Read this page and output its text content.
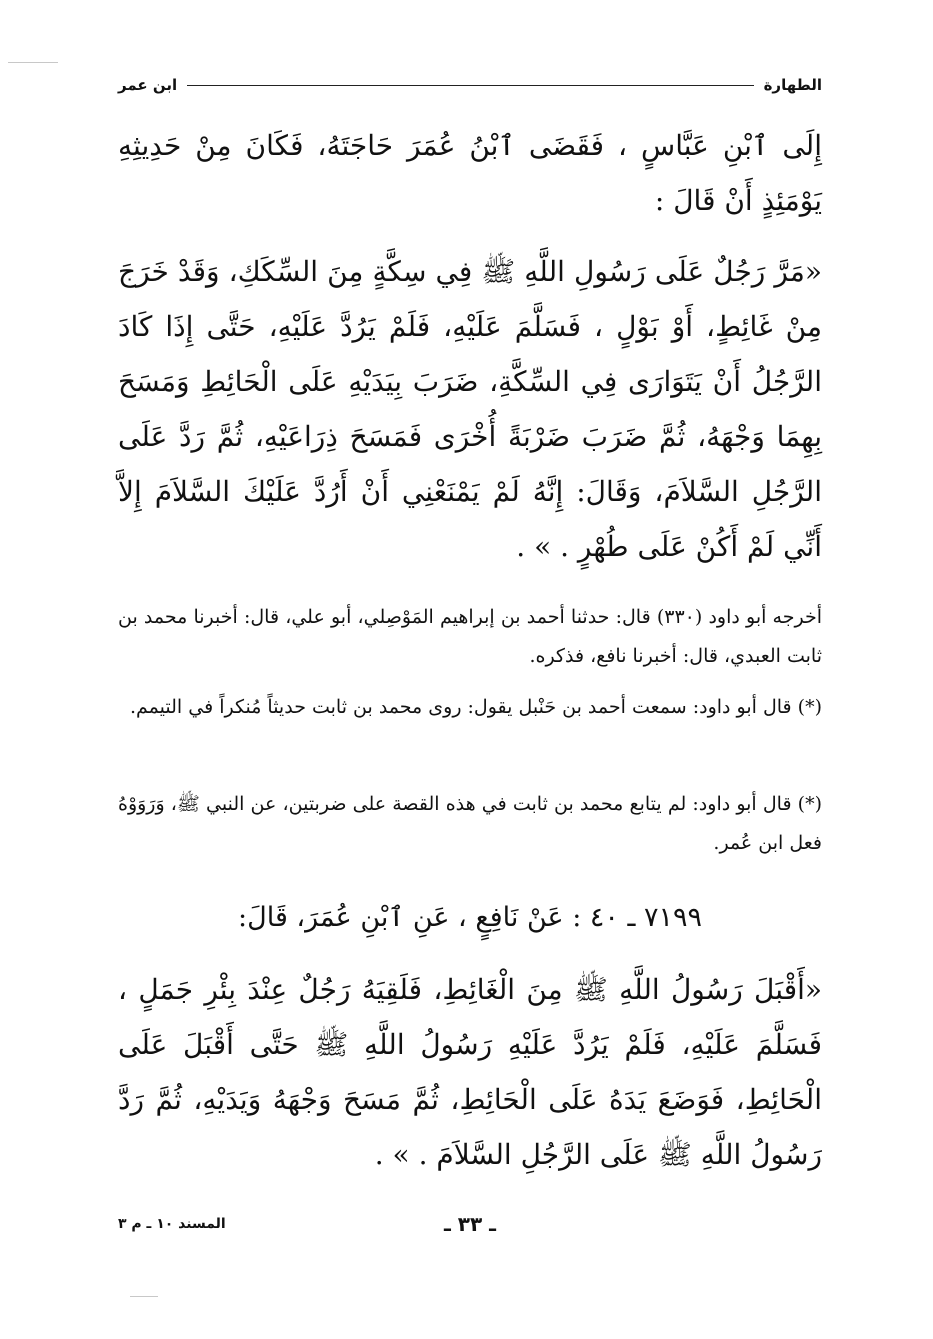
الطهارة
ابن عمر
إِلَى ٱبْنِ عَبَّاسٍ ، فَقَضَى ٱبْنُ عُمَرَ حَاجَتَهُ، فَكَانَ مِنْ حَدِيثِهِ يَوْمَئِذٍ أَنْ قَالَ :
«مَرَّ رَجُلٌ عَلَى رَسُولِ اللَّهِ ﷺ فِي سِكَّةٍ مِنَ السِّكَكِ، وَقَدْ خَرَجَ مِنْ غَائِطٍ، أَوْ بَوْلٍ ، فَسَلَّمَ عَلَيْهِ، فَلَمْ يَرُدَّ عَلَيْهِ، حَتَّى إِذَا كَادَ الرَّجُلُ أَنْ يَتَوَارَى فِي السِّكَّةِ، ضَرَبَ بِيَدَيْهِ عَلَى الْحَائِطِ وَمَسَحَ بِهِمَا وَجْهَهُ، ثُمَّ ضَرَبَ ضَرْبَةً أُخْرَى فَمَسَحَ ذِرَاعَيْهِ، ثُمَّ رَدَّ عَلَى الرَّجُلِ السَّلاَمَ، وَقَالَ: إِنَّهُ لَمْ يَمْنَعْنِي أَنْ أَرُدَّ عَلَيْكَ السَّلاَمَ إِلاَّ أَنِّي لَمْ أَكُنْ عَلَى طُهْرٍ . » .
أخرجه أبو داود (٣٣٠) قال: حدثنا أحمد بن إبراهيم المَوْصِلي، أبو علي، قال: أخبرنا محمد بن ثابت العبدي، قال: أخبرنا نافع، فذكره.
(*) قال أبو داود: سمعت أحمد بن حَنْبل يقول: روى محمد بن ثابت حديثاً مُنكراً في التيمم.
(*) قال أبو داود: لم يتابع محمد بن ثابت في هذه القصة على ضربتين، عن النبي ﷺ، وَرَوَوْهُ فعل ابن عُمر.
٧١٩٩ ـ ٤٠ : عَنْ نَافِعٍ ، عَنِ ٱبْنِ عُمَرَ، قَالَ:
«أَقْبَلَ رَسُولُ اللَّهِ ﷺ مِنَ الْغَائِطِ، فَلَقِيَهُ رَجُلٌ عِنْدَ بِئْرِ جَمَلٍ ، فَسَلَّمَ عَلَيْهِ، فَلَمْ يَرُدَّ عَلَيْهِ رَسُولُ اللَّهِ ﷺ حَتَّى أَقْبَلَ عَلَى الْحَائِطِ، فَوَضَعَ يَدَهُ عَلَى الْحَائِطِ، ثُمَّ مَسَحَ وَجْهَهُ وَيَدَيْهِ، ثُمَّ رَدَّ رَسُولُ اللَّهِ ﷺ عَلَى الرَّجُلِ السَّلاَمَ . » .
ـ ٣٣ ـ
المسند ١٠ ـ م ٣
